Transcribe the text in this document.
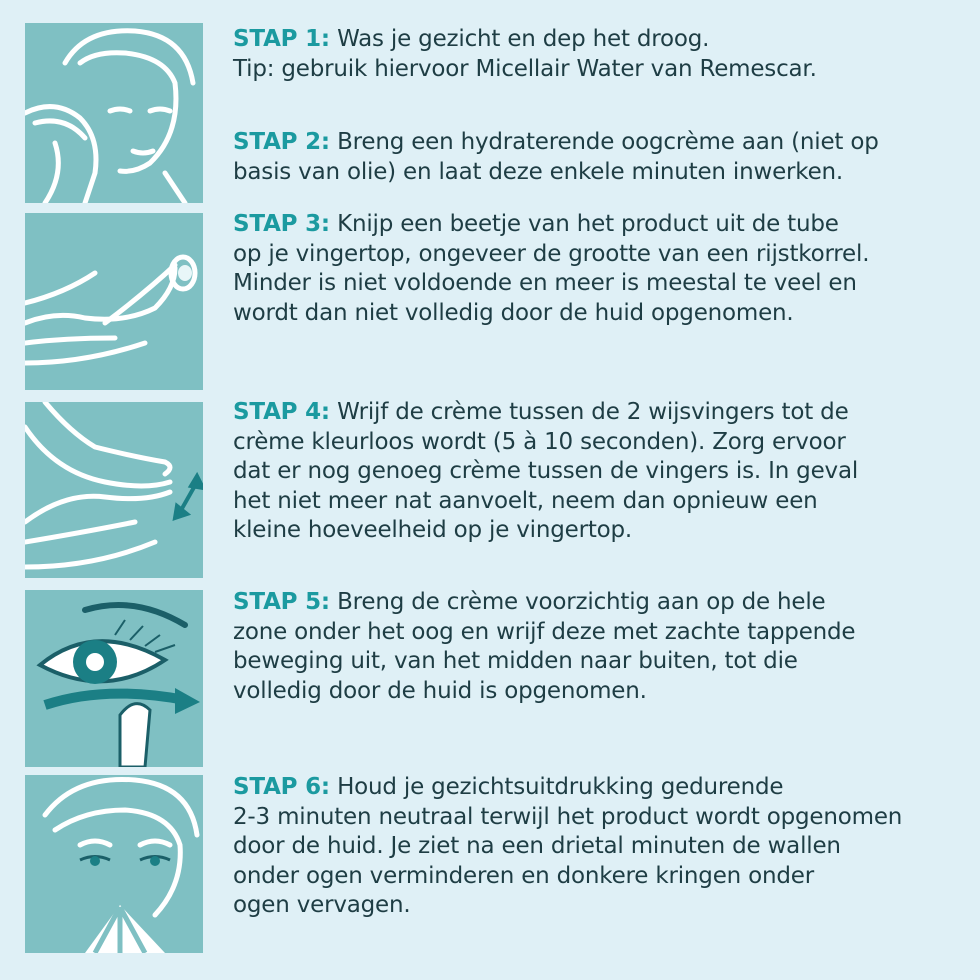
STAP 1: Was je gezicht en dep het droog.

Tip: gebruik hiervoor Micellair Water van Remescar.

STAP 2: Breng een hydraterende oogcrème aan (niet op

basis van olie) en laat deze enkele minuten inwerken.

STAP 3: Knijp een beetje van het product uit de tube

op je vingertop, ongeveer de grootte van een rijstkorrel.

Minder is niet voldoende en meer is meestal te veel en

wordt dan niet volledig door de huid opgenomen.

STAP 4: Wrijf de crème tussen de 2 wijsvingers tot de

crème kleurloos wordt (5 à 10 seconden). Zorg ervoor

dat er nog genoeg crème tussen de vingers is. In geval

het niet meer nat aanvoelt, neem dan opnieuw een

kleine hoeveelheid op je vingertop.

STAP 5: Breng de crème voorzichtig aan op de hele

zone onder het oog en wrijf deze met zachte tappende

beweging uit, van het midden naar buiten, tot die

volledig door de huid is opgenomen.

STAP 6: Houd je gezichtsuitdrukking gedurende

2-3 minuten neutraal terwijl het product wordt opgenomen

door de huid. Je ziet na een drietal minuten de wallen

onder ogen verminderen en donkere kringen onder

ogen vervagen.
